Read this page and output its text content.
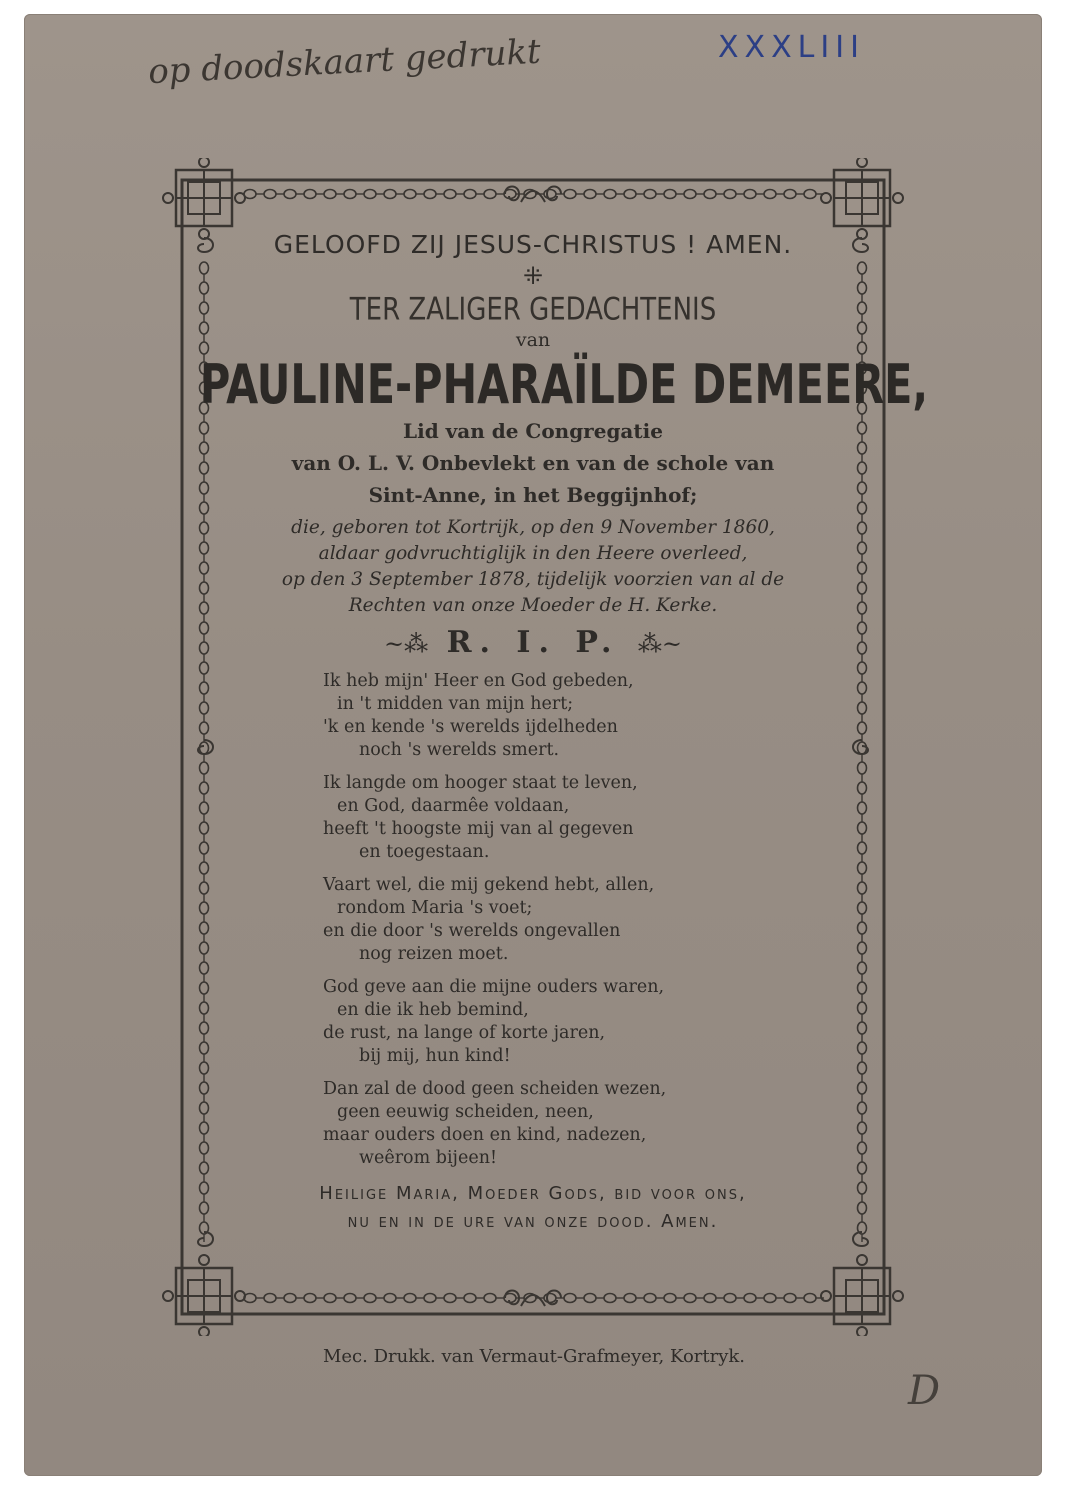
op doodskaart gedrukt	XXXLIII
GELOOFD ZIJ JESUS-CHRISTUS ! AMEN.
⁜
TER ZALIGER GEDACHTENIS
van
PAULINE-PHARAÏLDE DEMEERE,
Lid van de Congregatie
van O. L. V. Onbevlekt en van de schole van
Sint-Anne, in het Beggijnhof;
die, geboren tot Kortrijk, op den 9 November 1860,
aldaar godvruchtiglijk in den Heere overleed,
op den 3 September 1878, tijdelijk voorzien van al de
Rechten van onze Moeder de H. Kerke.
~⁂ R. I. P. ⁂~
Ik heb mijn' Heer en God gebeden,
in 't midden van mijn hert;
'k en kende 's werelds ijdelheden
noch 's werelds smert.
Ik langde om hooger staat te leven,
en God, daarmêe voldaan,
heeft 't hoogste mij van al gegeven
en toegestaan.
Vaart wel, die mij gekend hebt, allen,
rondom Maria 's voet;
en die door 's werelds ongevallen
nog reizen moet.
God geve aan die mijne ouders waren,
en die ik heb bemind,
de rust, na lange of korte jaren,
bij mij, hun kind!
Dan zal de dood geen scheiden wezen,
geen eeuwig scheiden, neen,
maar ouders doen en kind, nadezen,
weêrom bijeen!
Heilige Maria, Moeder Gods, bid voor ons,
nu en in de ure van onze dood. Amen.
Mec. Drukk. van Vermaut-Grafmeyer, Kortryk.
D
